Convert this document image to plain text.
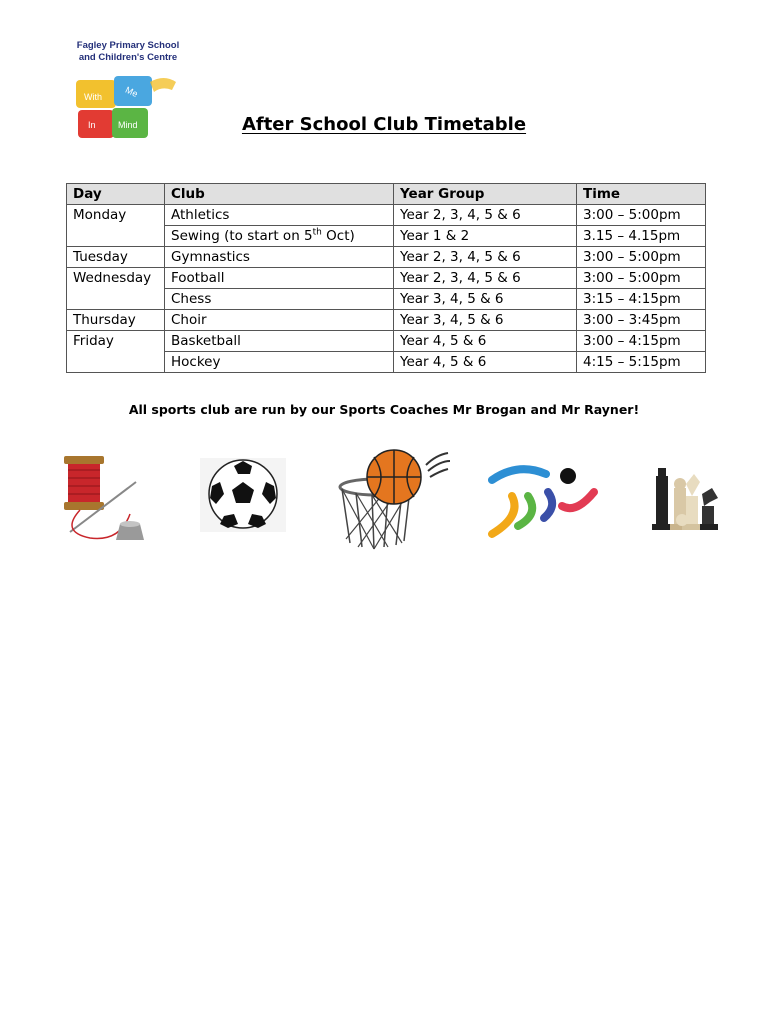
Fagley Primary School
and Children's Centre
With Me
In Mind	After School Club Timetable
Day	Club	Year Group	Time
Monday	Athletics	Year 2, 3, 4, 5 & 6	3:00 – 5:00pm
	Sewing (to start on 5th Oct)	Year 1 & 2	3.15 – 4.15pm
Tuesday	Gymnastics	Year 2, 3, 4, 5 & 6	3:00 – 5:00pm
Wednesday	Football	Year 2, 3, 4, 5 & 6	3:00 – 5:00pm
	Chess	Year 3, 4, 5 & 6	3:15 – 4:15pm
Thursday	Choir	Year 3, 4, 5 & 6	3:00 – 3:45pm
Friday	Basketball	Year 4, 5 & 6	3:00 – 4:15pm
	Hockey	Year 4, 5 & 6	4:15 – 5:15pm
All sports club are run by our Sports Coaches Mr Brogan and Mr Rayner!
